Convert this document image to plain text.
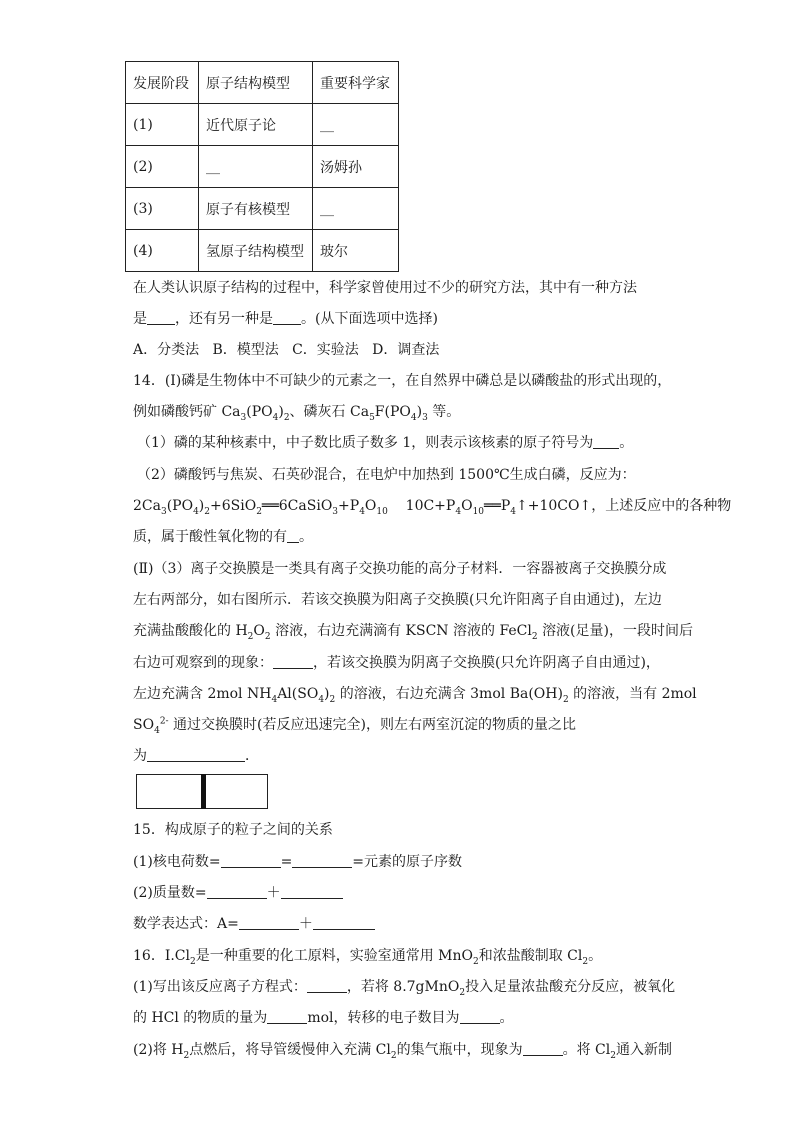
发展阶段	原子结构模型	重要科学家
(1)	近代原子论	__
(2)	__	汤姆孙
(3)	原子有核模型	__
(4)	氢原子结构模型	玻尔
在人类认识原子结构的过程中，科学家曾使用过不少的研究方法，其中有一种方法
是 ，还有另一种是 。(从下面选项中选择)
A．分类法   B．模型法   C．实验法   D．调查法
14．(Ⅰ)磷是生物体中不可缺少的元素之一，在自然界中磷总是以磷酸盐的形式出现的，
例如磷酸钙矿 $Ca_3(PO_4)_2$、磷灰石 $Ca_5F(PO_4)_3$ 等。
（1）磷的某种核素中，中子数比质子数多 1，则表示该核素的原子符号为 。
（2）磷酸钙与焦炭、石英砂混合，在电炉中加热到 1500℃生成白磷，反应为：
$2Ca_3(PO_4)_2+6SiO_2══6CaSiO_3+P_4O_{10}$    $10C+P_4O_{10}══P_4↑+10CO↑$，上述反应中的各种物
质，属于酸性氧化物的有 。
(Ⅱ)（3）离子交换膜是一类具有离子交换功能的高分子材料．一容器被离子交换膜分成
左右两部分，如右图所示．若该交换膜为阳离子交换膜(只允许阳离子自由通过)，左边
充满盐酸酸化的 $H_2O_2$ 溶液，右边充满滴有 KSCN 溶液的 FeCl$_2$ 溶液(足量)，一段时间后
右边可观察到的现象：	，若该交换膜为阴离子交换膜(只允许阴离子自由通过)，
左边充满含 2mol $NH_4Al(SO_4)_2$ 的溶液，右边充满含 3mol $Ba(OH)_2$ 的溶液，当有 2mol
$SO_4^{2-}$ 通过交换膜时(若反应迅速完全)，则左右两室沉淀的物质的量之比
为	．
15．构成原子的粒子之间的关系
(1)核电荷数=	=	=元素的原子序数
(2)质量数=	＋
数学表达式：A=	＋
16．$I.Cl_2$是一种重要的化工原料，实验室通常用 MnO$_2$和浓盐酸制取 $Cl_2$。
(1)写出该反应离子方程式：	，若将 8.7gMnO$_2$投入足量浓盐酸充分反应，被氧化
的 HCl 的物质的量为	mol，转移的电子数目为	。
(2)将 $H_2$点燃后，将导管缓慢伸入充满 $Cl_2$的集气瓶中，现象为	。将 $Cl_2$通入新制
